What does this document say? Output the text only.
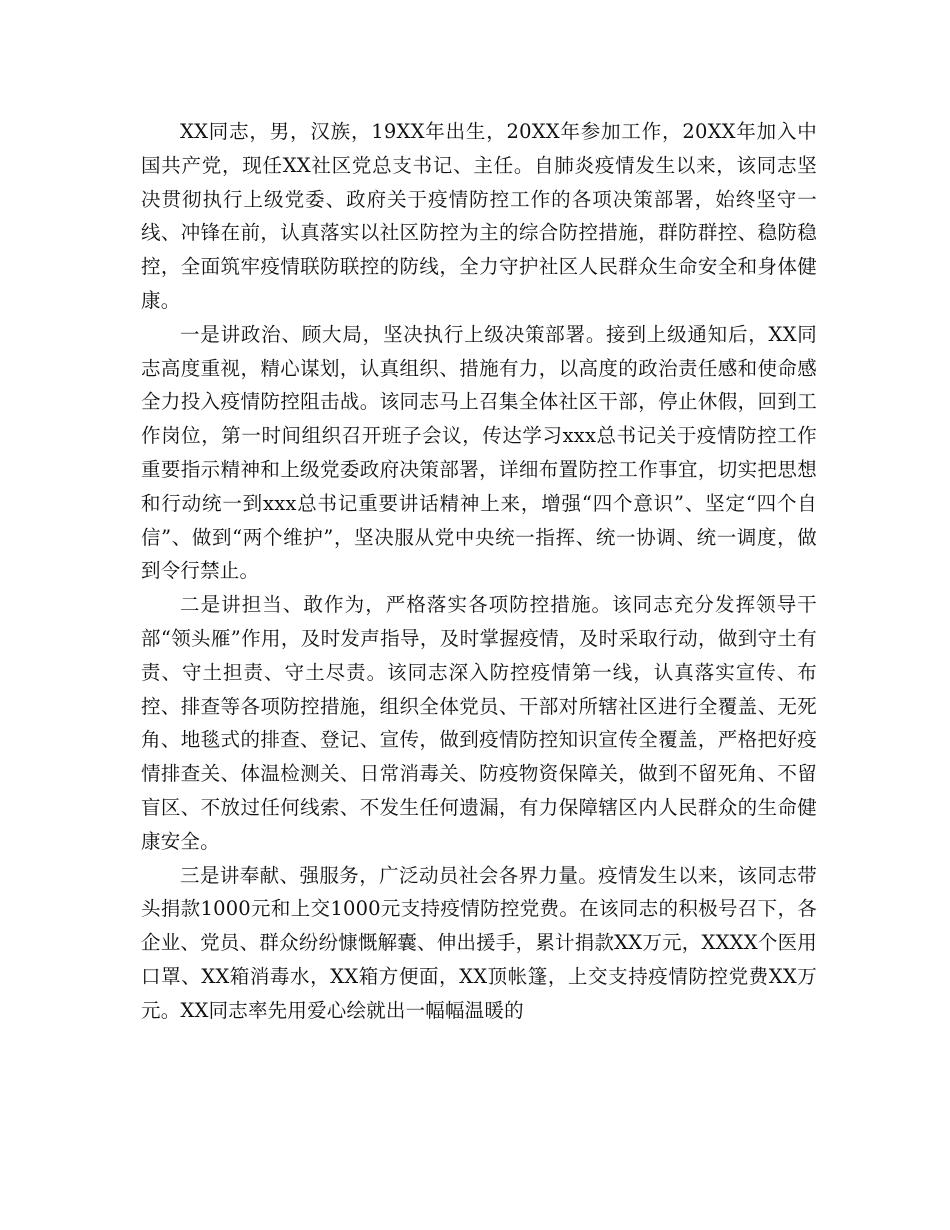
XX同志，男，汉族，19XX年出生，20XX年参加工作，20XX年加入中国共产党，现任XX社区党总支书记、主任。自肺炎疫情发生以来，该同志坚决贯彻执行上级党委、政府关于疫情防控工作的各项决策部署，始终坚守一线、冲锋在前，认真落实以社区防控为主的综合防控措施，群防群控、稳防稳控，全面筑牢疫情联防联控的防线，全力守护社区人民群众生命安全和身体健康。

一是讲政治、顾大局，坚决执行上级决策部署。接到上级通知后，XX同志高度重视，精心谋划，认真组织、措施有力，以高度的政治责任感和使命感全力投入疫情防控阻击战。该同志马上召集全体社区干部，停止休假，回到工作岗位，第一时间组织召开班子会议，传达学习xxx总书记关于疫情防控工作重要指示精神和上级党委政府决策部署，详细布置防控工作事宜，切实把思想和行动统一到xxx总书记重要讲话精神上来，增强“四个意识”、坚定“四个自信”、做到“两个维护”，坚决服从党中央统一指挥、统一协调、统一调度，做到令行禁止。

二是讲担当、敢作为，严格落实各项防控措施。该同志充分发挥领导干部“领头雁”作用，及时发声指导，及时掌握疫情，及时采取行动，做到守土有责、守土担责、守土尽责。该同志深入防控疫情第一线，认真落实宣传、布控、排查等各项防控措施，组织全体党员、干部对所辖社区进行全覆盖、无死角、地毯式的排查、登记、宣传，做到疫情防控知识宣传全覆盖，严格把好疫情排查关、体温检测关、日常消毒关、防疫物资保障关，做到不留死角、不留盲区、不放过任何线索、不发生任何遗漏，有力保障辖区内人民群众的生命健康安全。

三是讲奉献、强服务，广泛动员社会各界力量。疫情发生以来，该同志带头捐款1000元和上交1000元支持疫情防控党费。在该同志的积极号召下，各企业、党员、群众纷纷慷慨解囊、伸出援手，累计捐款XX万元，XXXX个医用口罩、XX箱消毒水，XX箱方便面，XX顶帐篷，上交支持疫情防控党费XX万元。XX同志率先用爱心绘就出一幅幅温暖的
